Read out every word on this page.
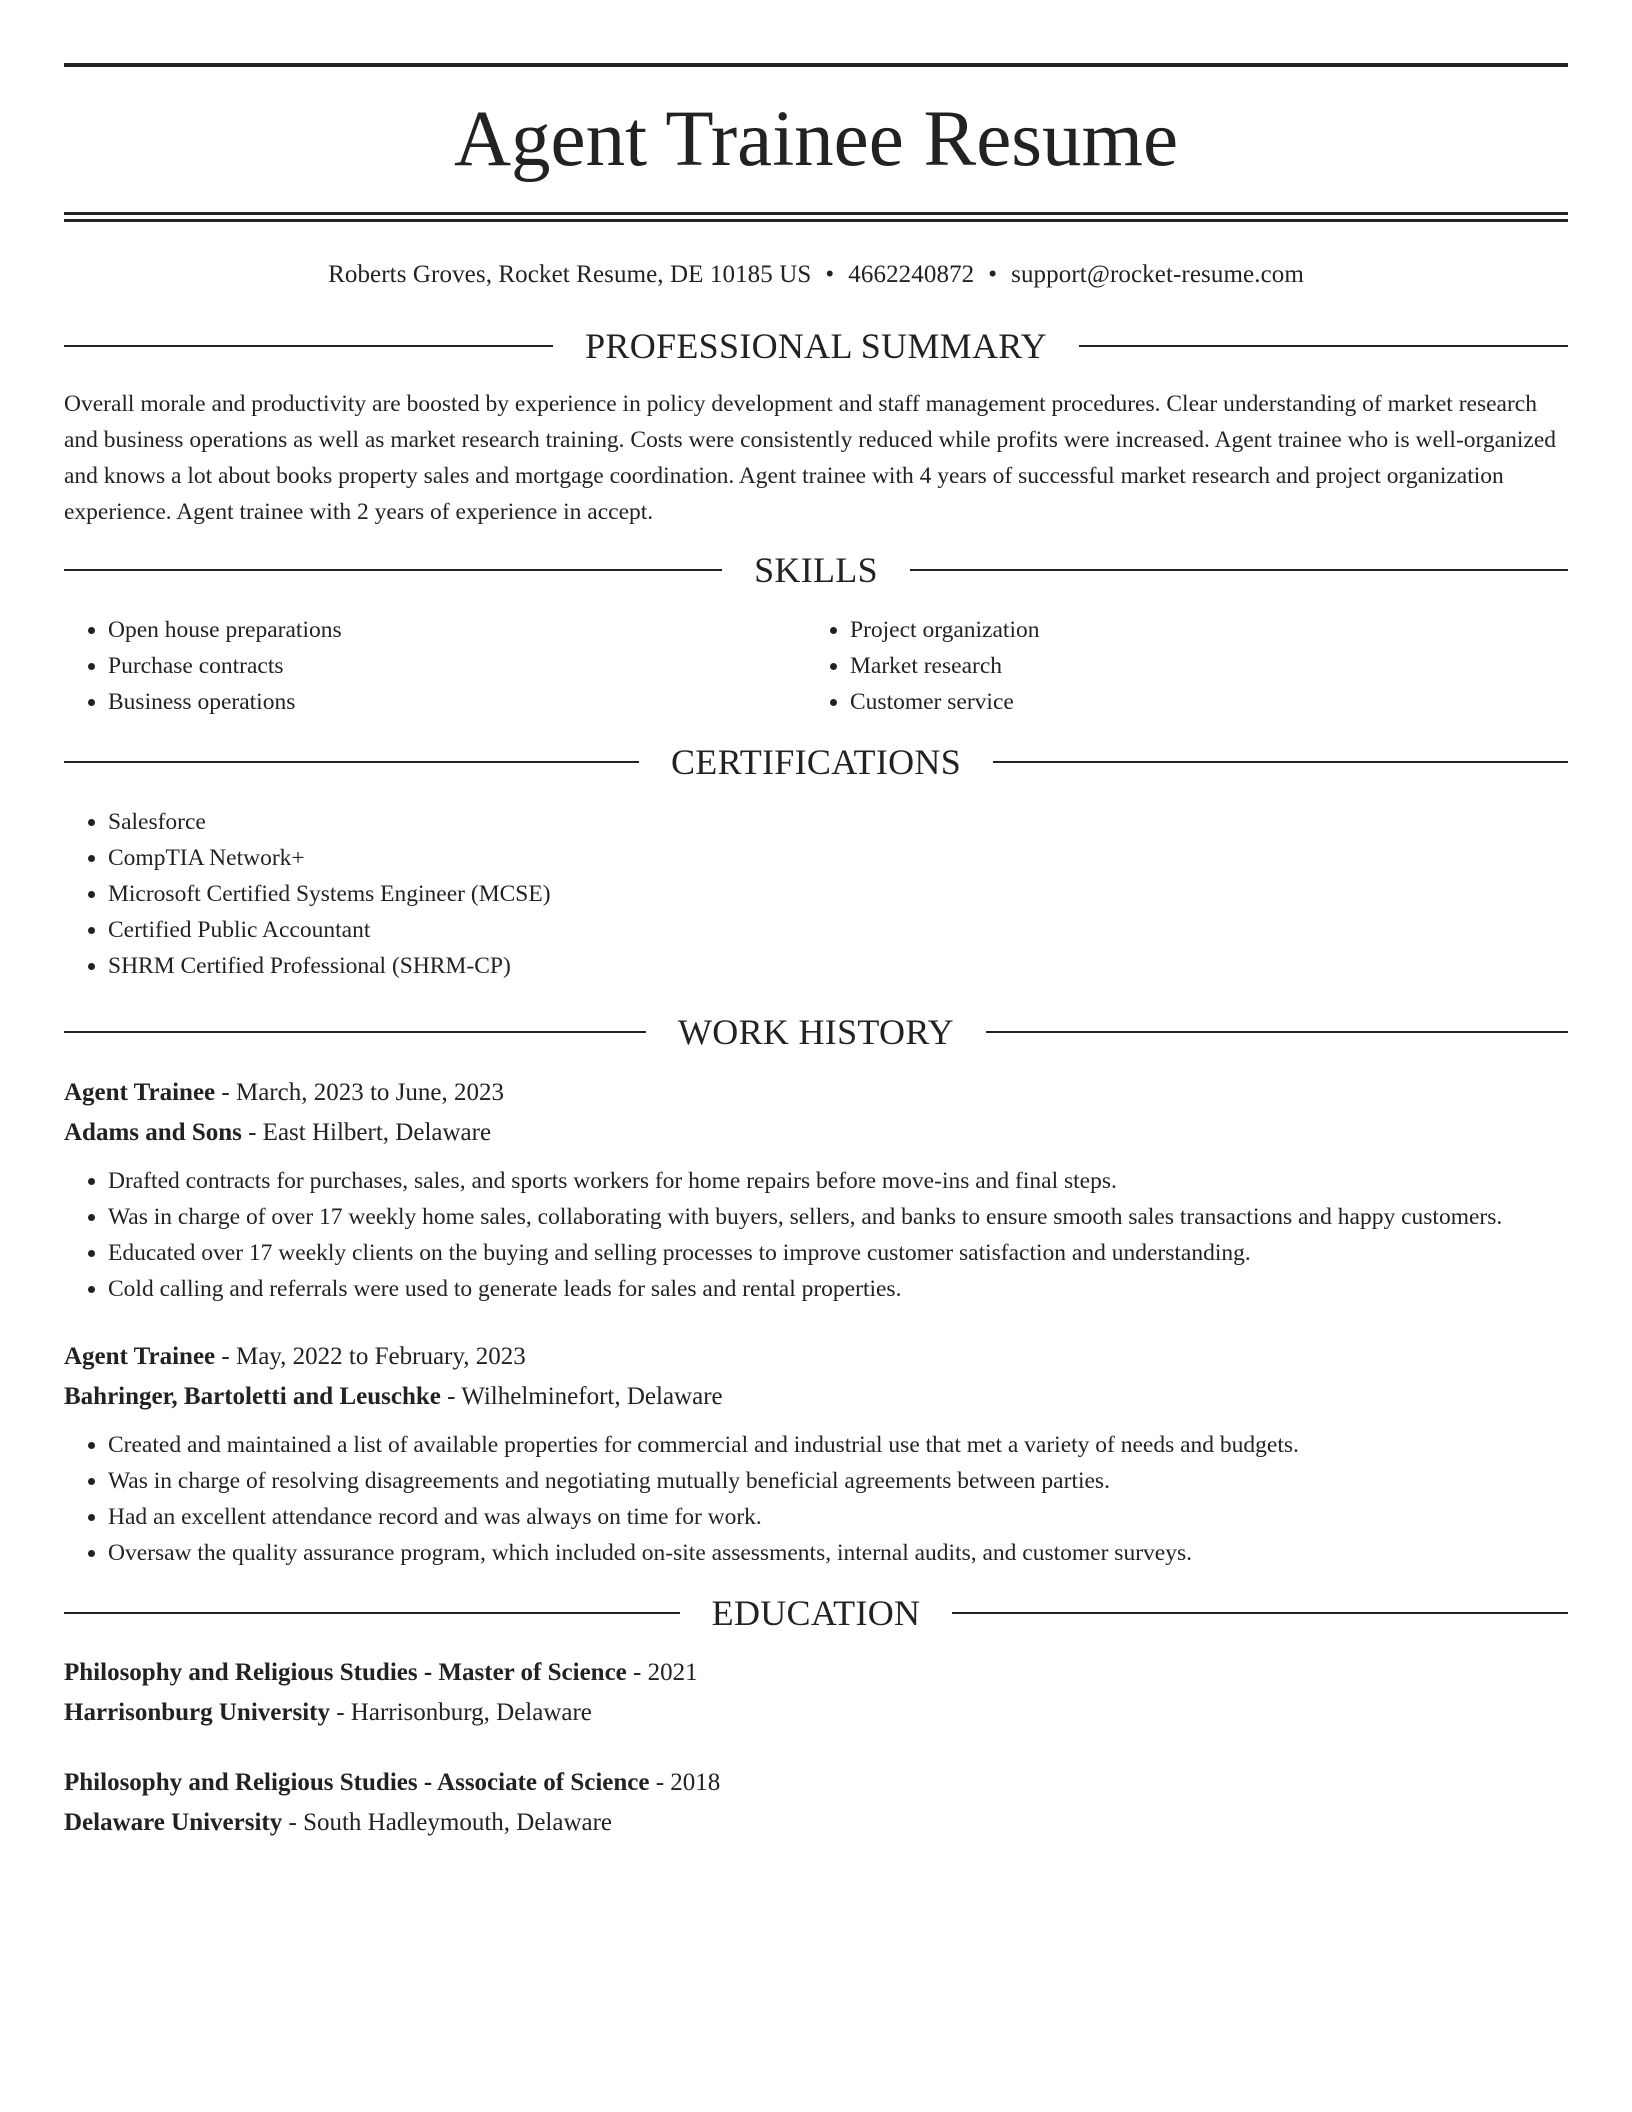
Agent Trainee Resume
Roberts Groves, Rocket Resume, DE 10185 US • 4662240872 • support@rocket-resume.com
PROFESSIONAL SUMMARY

Overall morale and productivity are boosted by experience in policy development and staff management procedures. Clear understanding of market research and business operations as well as market research training. Costs were consistently reduced while profits were increased. Agent trainee who is well-organized and knows a lot about books property sales and mortgage coordination. Agent trainee with 4 years of successful market research and project organization experience. Agent trainee with 2 years of experience in accept.

SKILLS
• Open house preparations
• Purchase contracts
• Business operations
• Project organization
• Market research
• Customer service
CERTIFICATIONS
• Salesforce
• CompTIA Network+
• Microsoft Certified Systems Engineer (MCSE)
• Certified Public Accountant
• SHRM Certified Professional (SHRM-CP)
WORK HISTORY

Agent Trainee - March, 2023 to June, 2023

Adams and Sons - East Hilbert, Delaware

• Drafted contracts for purchases, sales, and sports workers for home repairs before move-ins and final steps.
• Was in charge of over 17 weekly home sales, collaborating with buyers, sellers, and banks to ensure smooth sales transactions and happy customers.
• Educated over 17 weekly clients on the buying and selling processes to improve customer satisfaction and understanding.
• Cold calling and referrals were used to generate leads for sales and rental properties.

Agent Trainee - May, 2022 to February, 2023

Bahringer, Bartoletti and Leuschke - Wilhelminefort, Delaware

• Created and maintained a list of available properties for commercial and industrial use that met a variety of needs and budgets.
• Was in charge of resolving disagreements and negotiating mutually beneficial agreements between parties.
• Had an excellent attendance record and was always on time for work.
• Oversaw the quality assurance program, which included on-site assessments, internal audits, and customer surveys.
EDUCATION

Philosophy and Religious Studies - Master of Science - 2021

Harrisonburg University - Harrisonburg, Delaware

Philosophy and Religious Studies - Associate of Science - 2018

Delaware University - South Hadleymouth, Delaware
